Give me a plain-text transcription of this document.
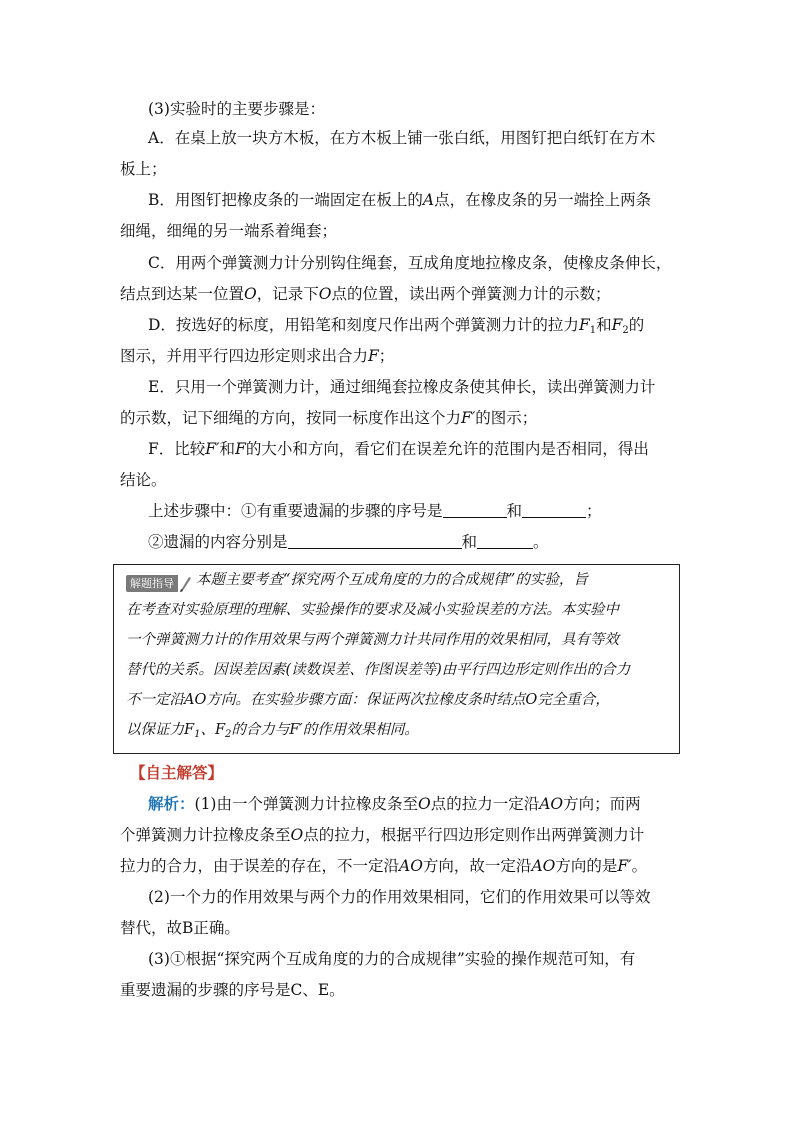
(3)实验时的主要步骤是：
A．在桌上放一块方木板，在方木板上铺一张白纸，用图钉把白纸钉在方木
板上；
B．用图钉把橡皮条的一端固定在板上的A点，在橡皮条的另一端拴上两条
细绳，细绳的另一端系着绳套；
C．用两个弹簧测力计分别钩住绳套，互成角度地拉橡皮条，使橡皮条伸长，
结点到达某一位置O，记录下O点的位置，读出两个弹簧测力计的示数；
D．按选好的标度，用铅笔和刻度尺作出两个弹簧测力计的拉力$F_1$和$F_2$的
图示，并用平行四边形定则求出合力F；
E．只用一个弹簧测力计，通过细绳套拉橡皮条使其伸长，读出弹簧测力计
的示数，记下细绳的方向，按同一标度作出这个力F′的图示；
F．比较F′和F的大小和方向，看它们在误差允许的范围内是否相同，得出
结论。
上述步骤中：①有重要遗漏的步骤的序号是	和	；
②遗漏的内容分别是	和	。
解题指导 本题主要考查“探究两个互成角度的力的合成规律”的实验，旨
在考查对实验原理的理解、实验操作的要求及减小实验误差的方法。本实验中
一个弹簧测力计的作用效果与两个弹簧测力计共同作用的效果相同，具有等效
替代的关系。因误差因素(读数误差、作图误差等)由平行四边形定则作出的合力
不一定沿AO方向。在实验步骤方面：保证两次拉橡皮条时结点O完全重合，
以保证力$F_1$、$F_2$的合力与F′的作用效果相同。
【自主解答】
解析：(1)由一个弹簧测力计拉橡皮条至O点的拉力一定沿AO方向；而两
个弹簧测力计拉橡皮条至O点的拉力，根据平行四边形定则作出两弹簧测力计
拉力的合力，由于误差的存在，不一定沿AO方向，故一定沿AO方向的是F′。
(2)一个力的作用效果与两个力的作用效果相同，它们的作用效果可以等效
替代，故B正确。
(3)①根据“探究两个互成角度的力的合成规律”实验的操作规范可知，有
重要遗漏的步骤的序号是C、E。
